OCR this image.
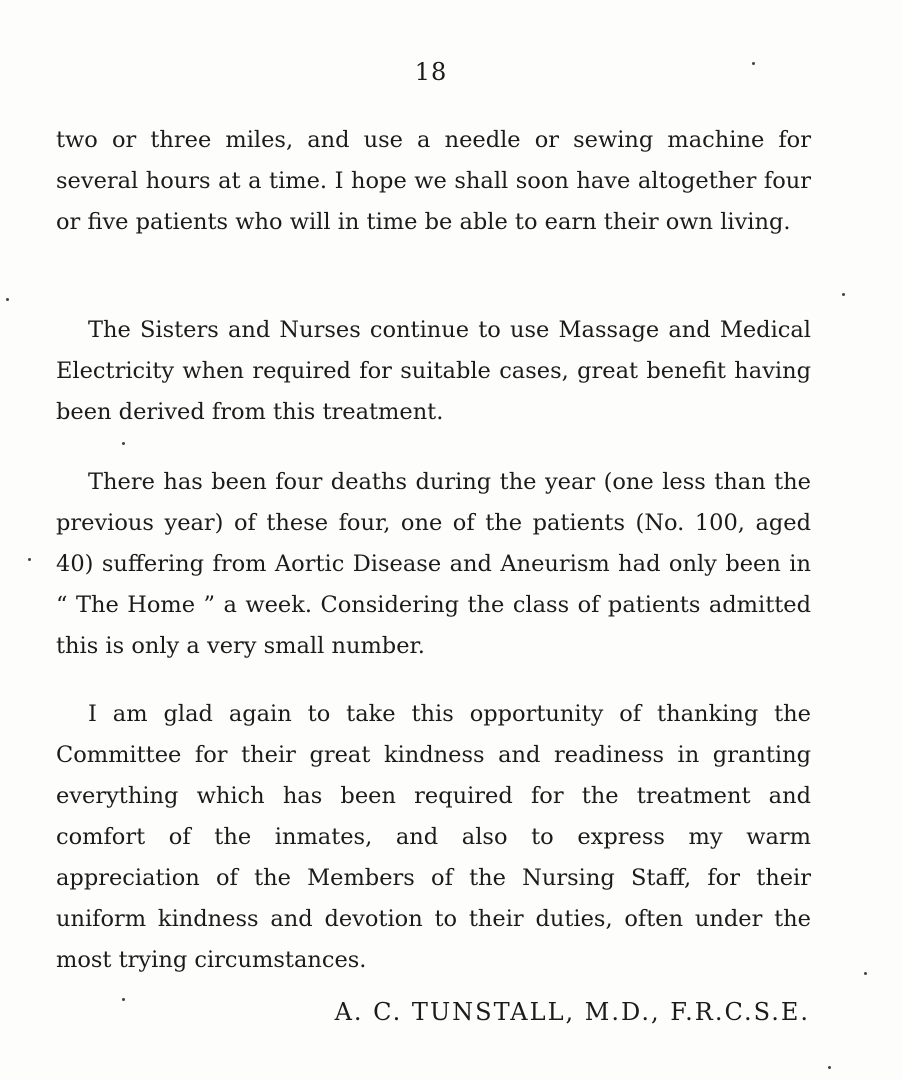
18

two or three miles, and use a needle or sewing machine for several hours at a time. I hope we shall soon have altogether four or five patients who will in time be able to earn their own living.

The Sisters and Nurses continue to use Massage and Medical Electricity when required for suitable cases, great benefit having been derived from this treatment.

There has been four deaths during the year (one less than the previous year) of these four, one of the patients (No. 100, aged 40) suffering from Aortic Disease and Aneurism had only been in “ The Home ” a week. Considering the class of patients admitted this is only a very small number.

I am glad again to take this opportunity of thanking the Committee for their great kindness and readiness in granting everything which has been required for the treatment and comfort of the inmates, and also to express my warm appreciation of the Members of the Nursing Staff, for their uniform kindness and devotion to their duties, often under the most trying circumstances.

A. C. TUNSTALL, M.D., F.R.C.S.E.
